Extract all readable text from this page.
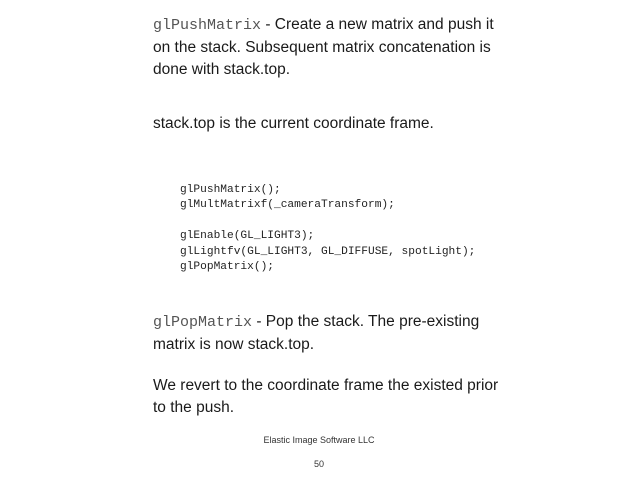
glPushMatrix - Create a new matrix and push it on the stack. Subsequent matrix concatenation is done with stack.top.

stack.top is the current coordinate frame.

glPushMatrix();
glMultMatrixf(_cameraTransform);

glEnable(GL_LIGHT3);
glLightfv(GL_LIGHT3, GL_DIFFUSE, spotLight);
glPopMatrix();

glPopMatrix - Pop the stack. The pre-existing matrix is now stack.top.

We revert to the coordinate frame the existed prior to the push.

Elastic Image Software LLC
50
